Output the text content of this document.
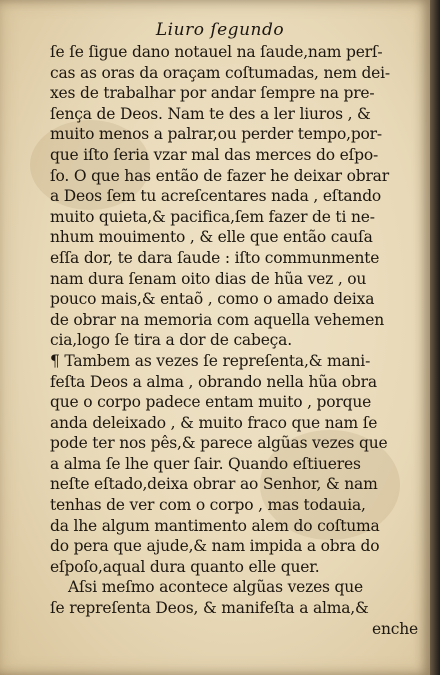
Liuro ſegundo
ſe ſe ſigue dano notauel na ſaude,nam perſ-
cas as oras da oraçam coſtumadas, nem dei-
xes de trabalhar por andar ſempre na pre-
ſença de Deos. Nam te des a ler liuros , &
muito menos a palrar,ou perder tempo,por-
que iſto ſeria vzar mal das merces do eſpo-
ſo. O que has então de fazer he deixar obrar
a Deos ſem tu acreſcentares nada , eſtando
muito quieta,& pacifica,ſem fazer de ti ne-
nhum mouimento , & elle que então cauſa
eſſa dor, te dara ſaude : iſto communmente
nam dura ſenam oito dias de hũa vez , ou
pouco mais,& entaõ , como o amado deixa
de obrar na memoria com aquella vehemen
cia,logo ſe tira a dor de cabeça.
¶ Tambem as vezes ſe repreſenta,& mani-
feſta Deos a alma , obrando nella hũa obra
que o corpo padece entam muito , porque
anda deleixado , & muito fraco que nam ſe
pode ter nos pês,& parece algũas vezes que
a alma ſe lhe quer ſair. Quando eſtiueres
neſte eſtado,deixa obrar ao Senhor, & nam
tenhas de ver com o corpo , mas todauia,
da lhe algum mantimento alem do coſtuma
do pera que ajude,& nam impida a obra do
eſpoſo,aqual dura quanto elle quer.
Aſsi meſmo acontece algũas vezes que
ſe repreſenta Deos, & manifeſta a alma,&
enche
